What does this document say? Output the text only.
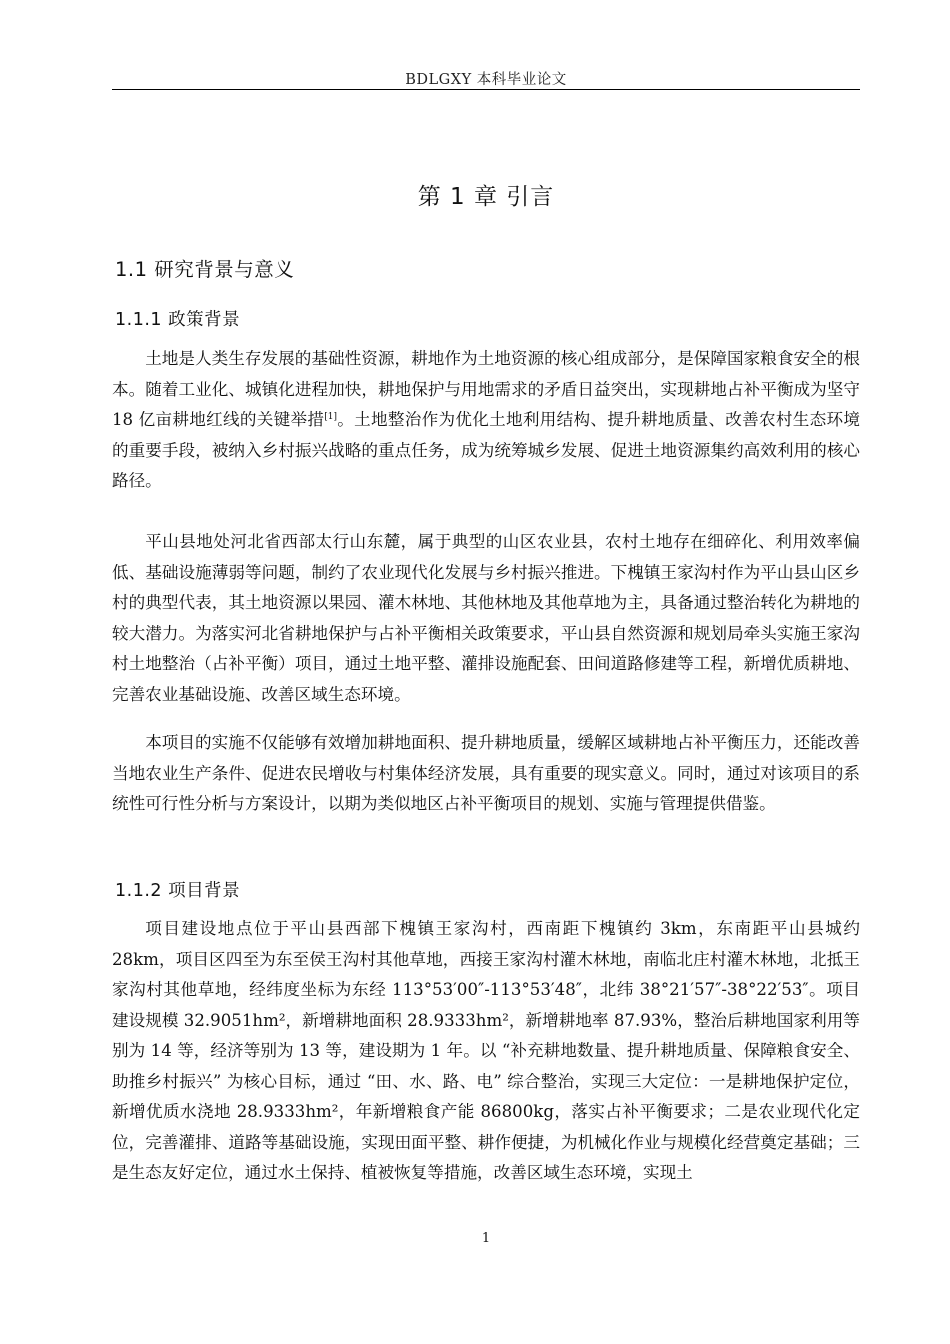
BDLGXY 本科毕业论文
第 1 章 引言
1.1 研究背景与意义
1.1.1 政策背景

土地是人类生存发展的基础性资源，耕地作为土地资源的核心组成部分，是保障国家粮食安全的根本。随着工业化、城镇化进程加快，耕地保护与用地需求的矛盾日益突出，实现耕地占补平衡成为坚守 18 亿亩耕地红线的关键举措[1]。土地整治作为优化土地利用结构、提升耕地质量、改善农村生态环境的重要手段，被纳入乡村振兴战略的重点任务，成为统筹城乡发展、促进土地资源集约高效利用的核心路径。

平山县地处河北省西部太行山东麓，属于典型的山区农业县，农村土地存在细碎化、利用效率偏低、基础设施薄弱等问题，制约了农业现代化发展与乡村振兴推进。下槐镇王家沟村作为平山县山区乡村的典型代表，其土地资源以果园、灌木林地、其他林地及其他草地为主，具备通过整治转化为耕地的较大潜力。为落实河北省耕地保护与占补平衡相关政策要求，平山县自然资源和规划局牵头实施王家沟村土地整治（占补平衡）项目，通过土地平整、灌排设施配套、田间道路修建等工程，新增优质耕地、完善农业基础设施、改善区域生态环境。

本项目的实施不仅能够有效增加耕地面积、提升耕地质量，缓解区域耕地占补平衡压力，还能改善当地农业生产条件、促进农民增收与村集体经济发展，具有重要的现实意义。同时，通过对该项目的系统性可行性分析与方案设计，以期为类似地区占补平衡项目的规划、实施与管理提供借鉴。

1.1.2 项目背景

项目建设地点位于平山县西部下槐镇王家沟村，西南距下槐镇约 3km，东南距平山县城约 28km，项目区四至为东至侯王沟村其他草地，西接王家沟村灌木林地，南临北庄村灌木林地，北抵王家沟村其他草地，经纬度坐标为东经 113°53′00″-113°53′48″，北纬 38°21′57″-38°22′53″。项目建设规模 32.9051hm²，新增耕地面积 28.9333hm²，新增耕地率 87.93%，整治后耕地国家利用等别为 14 等，经济等别为 13 等，建设期为 1 年。以 “补充耕地数量、提升耕地质量、保障粮食安全、助推乡村振兴” 为核心目标，通过 “田、水、路、电” 综合整治，实现三大定位：一是耕地保护定位，新增优质水浇地 28.9333hm²，年新增粮食产能 86800kg，落实占补平衡要求；二是农业现代化定位，完善灌排、道路等基础设施，实现田面平整、耕作便捷，为机械化作业与规模化经营奠定基础；三是生态友好定位，通过水土保持、植被恢复等措施，改善区域生态环境，实现土

1
